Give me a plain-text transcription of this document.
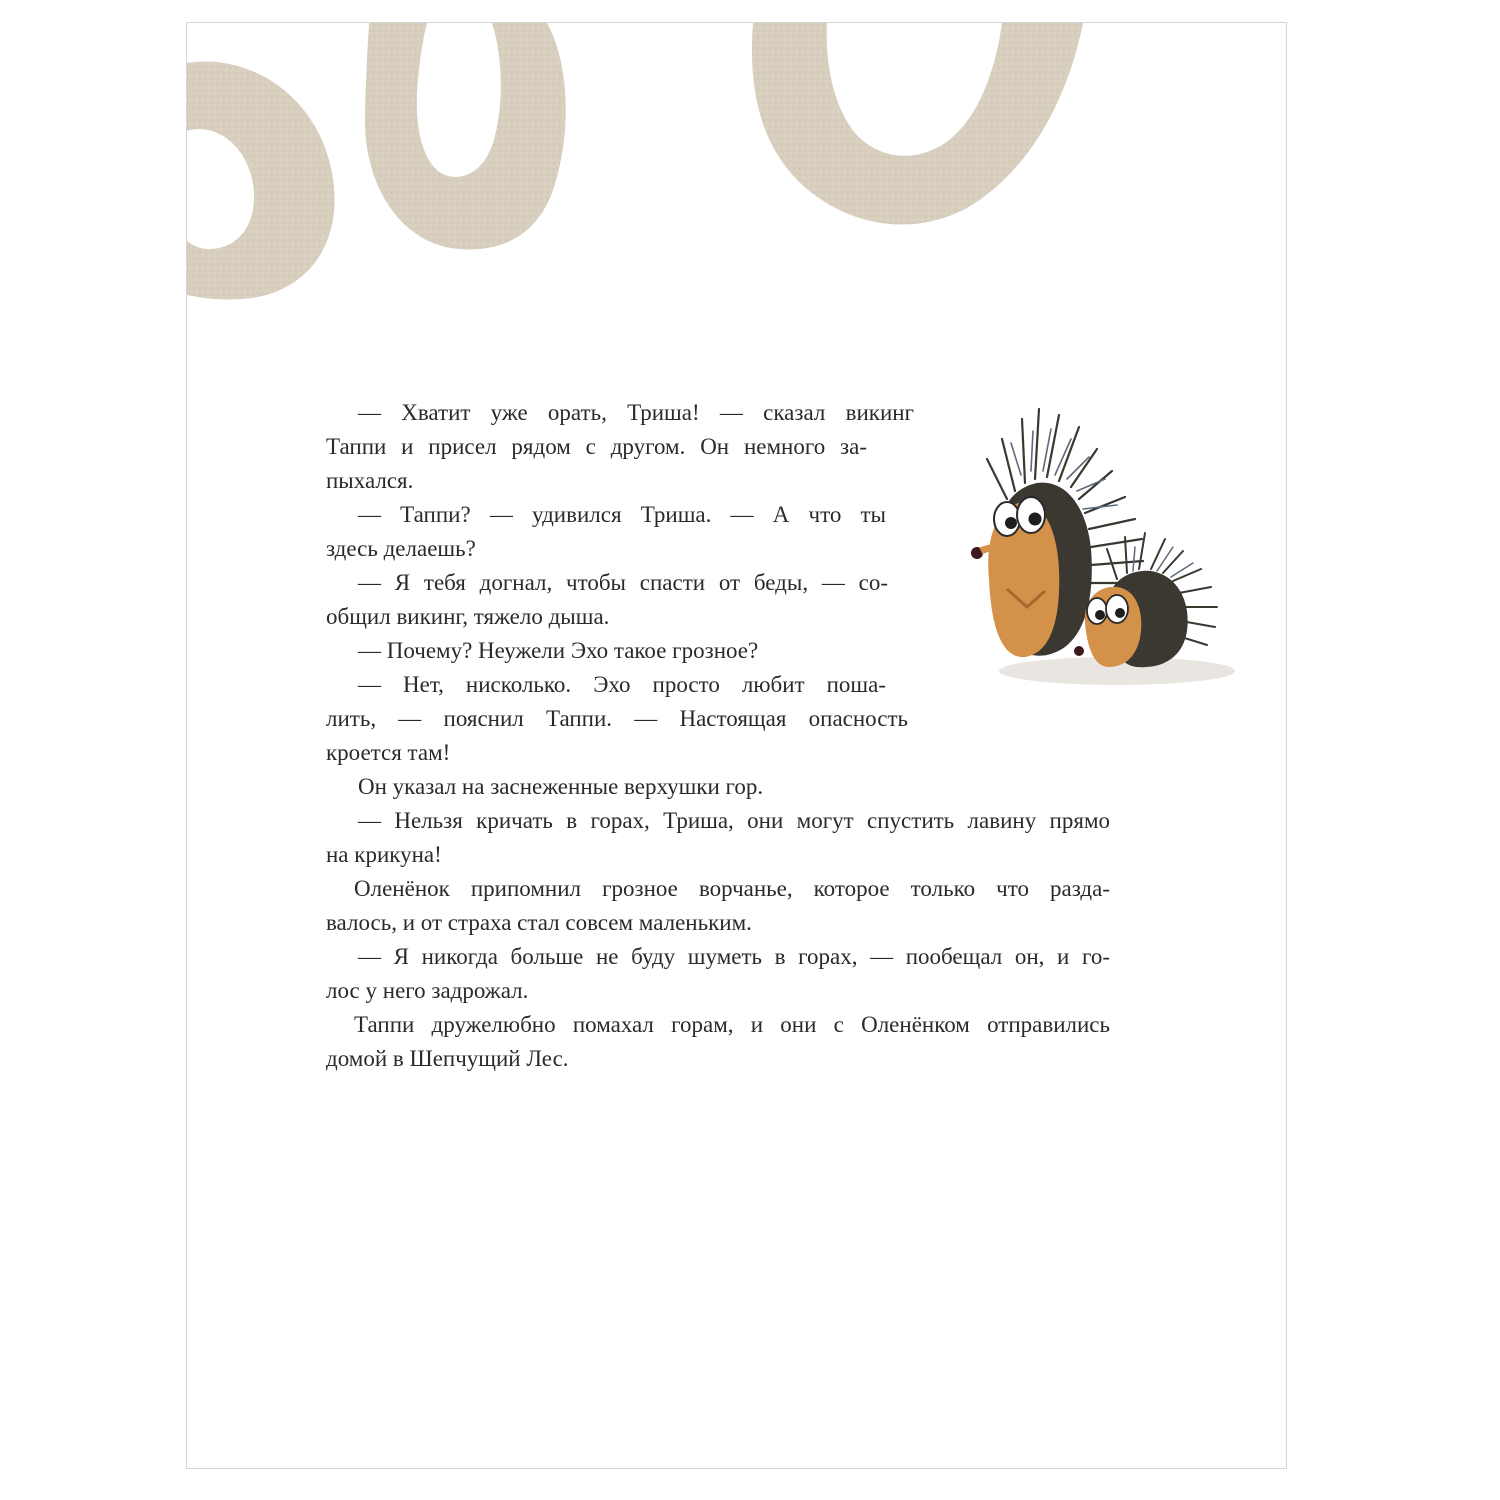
— Хватит уже орать, Триша! — сказал викинг
Таппи и присел рядом с другом. Он немного за-
пыхался.
— Таппи? — удивился Триша. — А что ты
здесь делаешь?
— Я тебя догнал, чтобы спасти от беды, — со-
общил викинг, тяжело дыша.
— Почему? Неужели Эхо такое грозное?
— Нет, нисколько. Эхо просто любит поша-
лить, — пояснил Таппи. — Настоящая опасность
кроется там!
Он указал на заснеженные верхушки гор.
— Нельзя кричать в горах, Триша, они могут спустить лавину прямо
на крикуна!
Оленёнок припомнил грозное ворчанье, которое только что разда-
валось, и от страха стал совсем маленьким.
— Я никогда больше не буду шуметь в горах, — пообещал он, и го-
лос у него задрожал.
Таппи дружелюбно помахал горам, и они с Оленёнком отправились
домой в Шепчущий Лес.
